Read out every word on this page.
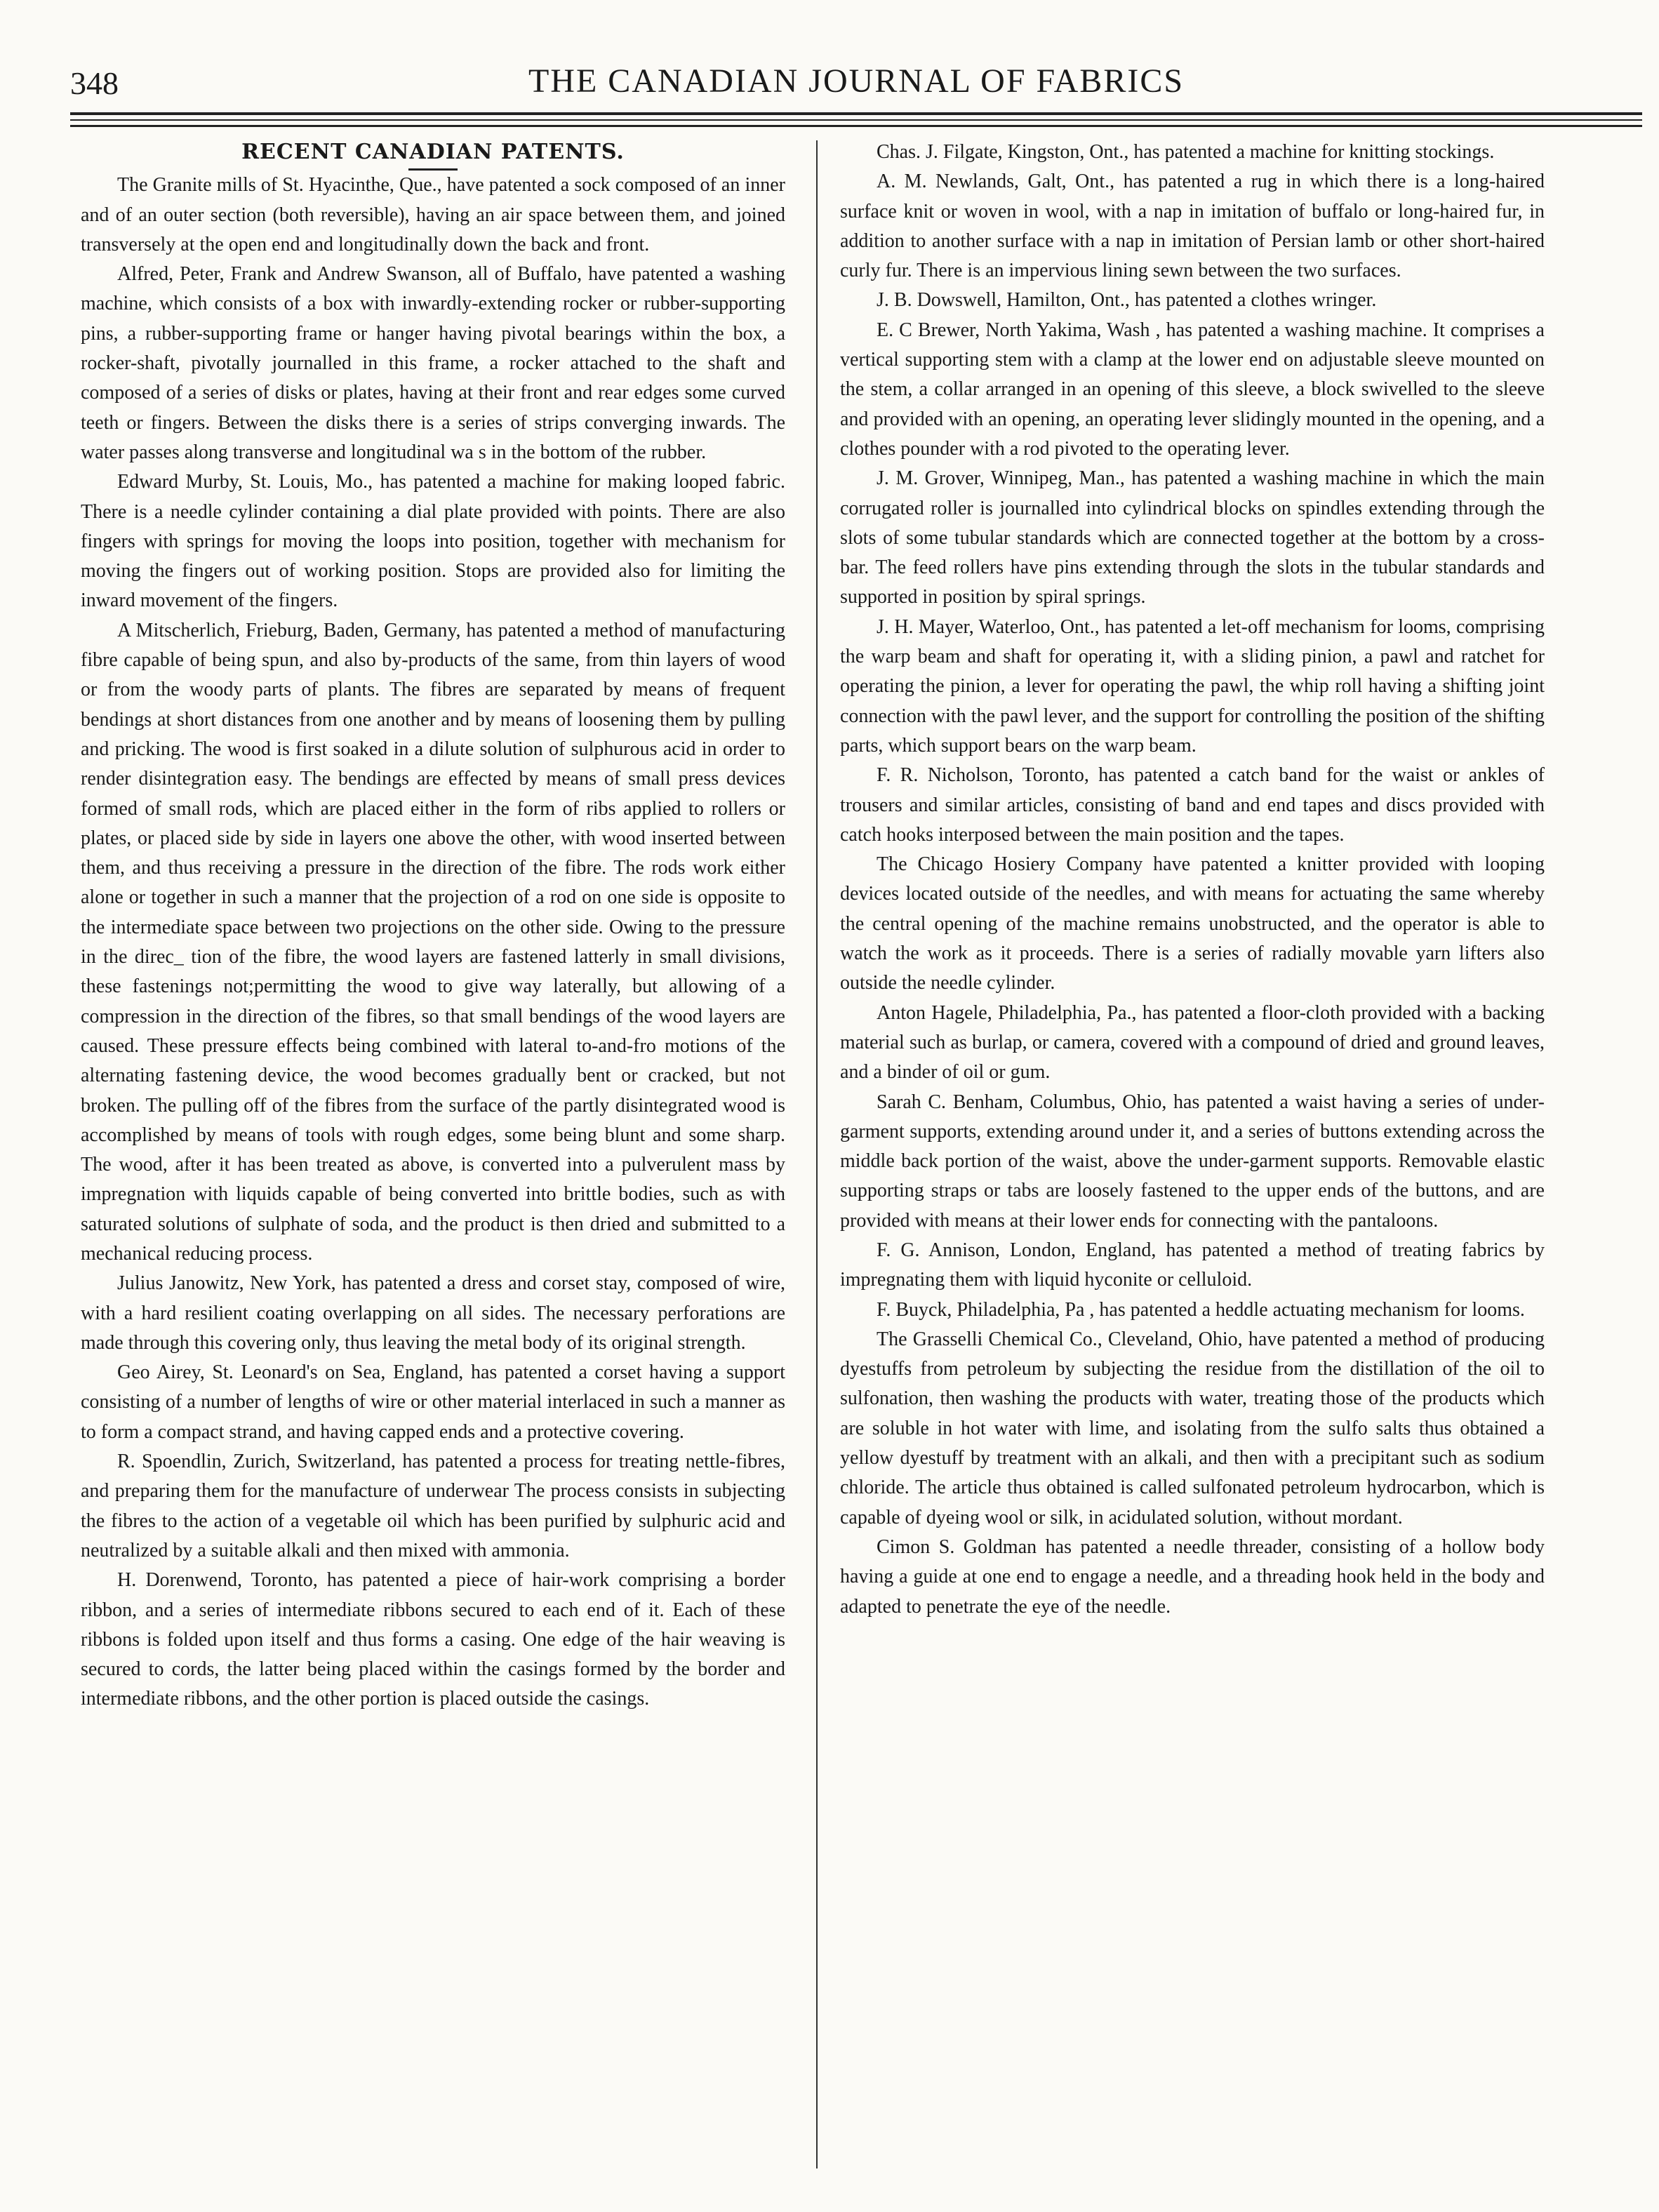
348	THE CANADIAN JOURNAL OF FABRICS
RECENT CANADIAN PATENTS.

The Granite mills of St. Hyacinthe, Que., have patented a sock composed of an inner and of an outer section (both reversible), having an air space between them, and joined transversely at the open end and longitudinally down the back and front.

Alfred, Peter, Frank and Andrew Swanson, all of Buffalo, have patented a washing machine, which consists of a box with inwardly-extending rocker or rubber-supporting pins, a rubber-supporting frame or hanger having pivotal bearings within the box, a rocker-shaft, pivotally journalled in this frame, a rocker attached to the shaft and composed of a series of disks or plates, having at their front and rear edges some curved teeth or fingers. Between the disks there is a series of strips converging inwards. The water passes along transverse and longitudinal wa s in the bottom of the rubber.

Edward Murby, St. Louis, Mo., has patented a machine for making looped fabric. There is a needle cylinder containing a dial plate provided with points. There are also fingers with springs for moving the loops into position, together with mechanism for moving the fingers out of working position. Stops are provided also for limiting the inward movement of the fingers.

A Mitscherlich, Frieburg, Baden, Germany, has patented a method of manufacturing fibre capable of being spun, and also by-products of the same, from thin layers of wood or from the woody parts of plants. The fibres are separated by means of frequent bendings at short distances from one another and by means of loosening them by pulling and pricking. The wood is first soaked in a dilute solution of sulphurous acid in order to render disintegration easy. The bendings are effected by means of small press devices formed of small rods, which are placed either in the form of ribs applied to rollers or plates, or placed side by side in layers one above the other, with wood inserted between them, and thus receiving a pressure in the direction of the fibre. The rods work either alone or together in such a manner that the projection of a rod on one side is opposite to the intermediate space between two projections on the other side. Owing to the pressure in the direc_ tion of the fibre, the wood layers are fastened latterly in small divisions, these fastenings not;permitting the wood to give way laterally, but allowing of a compression in the direction of the fibres, so that small bendings of the wood layers are caused. These pressure effects being combined with lateral to-and-fro motions of the alternating fastening device, the wood becomes gradually bent or cracked, but not broken. The pulling off of the fibres from the surface of the partly disintegrated wood is accomplished by means of tools with rough edges, some being blunt and some sharp. The wood, after it has been treated as above, is converted into a pulverulent mass by impregnation with liquids capable of being converted into brittle bodies, such as with saturated solutions of sulphate of soda, and the product is then dried and submitted to a mechanical reducing process.

Julius Janowitz, New York, has patented a dress and corset stay, composed of wire, with a hard resilient coating overlapping on all sides. The necessary perforations are made through this covering only, thus leaving the metal body of its original strength.

Geo Airey, St. Leonard's on Sea, England, has patented a corset having a support consisting of a number of lengths of wire or other material interlaced in such a manner as to form a compact strand, and having capped ends and a protective covering.

R. Spoendlin, Zurich, Switzerland, has patented a process for treating nettle-fibres, and preparing them for the manufacture of underwear The process consists in subjecting the fibres to the action of a vegetable oil which has been purified by sulphuric acid and neutralized by a suitable alkali and then mixed with ammonia.

H. Dorenwend, Toronto, has patented a piece of hair-work comprising a border ribbon, and a series of intermediate ribbons secured to each end of it. Each of these ribbons is folded upon itself and thus forms a casing. One edge of the hair weaving is secured to cords, the latter being placed within the casings formed by the border and intermediate ribbons, and the other portion is placed outside the casings.

Chas. J. Filgate, Kingston, Ont., has patented a machine for knitting stockings.

A. M. Newlands, Galt, Ont., has patented a rug in which there is a long-haired surface knit or woven in wool, with a nap in imitation of buffalo or long-haired fur, in addition to another surface with a nap in imitation of Persian lamb or other short-haired curly fur. There is an impervious lining sewn between the two surfaces.

J. B. Dowswell, Hamilton, Ont., has patented a clothes wringer.

E. C Brewer, North Yakima, Wash , has patented a washing machine. It comprises a vertical supporting stem with a clamp at the lower end on adjustable sleeve mounted on the stem, a collar arranged in an opening of this sleeve, a block swivelled to the sleeve and provided with an opening, an operating lever slidingly mounted in the opening, and a clothes pounder with a rod pivoted to the operating lever.

J. M. Grover, Winnipeg, Man., has patented a washing machine in which the main corrugated roller is journalled into cylindrical blocks on spindles extending through the slots of some tubular standards which are connected together at the bottom by a cross-bar. The feed rollers have pins extending through the slots in the tubular standards and supported in position by spiral springs.

J. H. Mayer, Waterloo, Ont., has patented a let-off mechanism for looms, comprising the warp beam and shaft for operating it, with a sliding pinion, a pawl and ratchet for operating the pinion, a lever for operating the pawl, the whip roll having a shifting joint connection with the pawl lever, and the support for controlling the position of the shifting parts, which support bears on the warp beam.

F. R. Nicholson, Toronto, has patented a catch band for the waist or ankles of trousers and similar articles, consisting of band and end tapes and discs provided with catch hooks interposed between the main position and the tapes.

The Chicago Hosiery Company have patented a knitter provided with looping devices located outside of the needles, and with means for actuating the same whereby the central opening of the machine remains unobstructed, and the operator is able to watch the work as it proceeds. There is a series of radially movable yarn lifters also outside the needle cylinder.

Anton Hagele, Philadelphia, Pa., has patented a floor-cloth provided with a backing material such as burlap, or camera, covered with a compound of dried and ground leaves, and a binder of oil or gum.

Sarah C. Benham, Columbus, Ohio, has patented a waist having a series of under-garment supports, extending around under it, and a series of buttons extending across the middle back portion of the waist, above the under-garment supports. Removable elastic supporting straps or tabs are loosely fastened to the upper ends of the buttons, and are provided with means at their lower ends for connecting with the pantaloons.

F. G. Annison, London, England, has patented a method of treating fabrics by impregnating them with liquid hyconite or celluloid.

F. Buyck, Philadelphia, Pa , has patented a heddle actuating mechanism for looms.

The Grasselli Chemical Co., Cleveland, Ohio, have patented a method of producing dyestuffs from petroleum by subjecting the residue from the distillation of the oil to sulfonation, then washing the products with water, treating those of the products which are soluble in hot water with lime, and isolating from the sulfo salts thus obtained a yellow dyestuff by treatment with an alkali, and then with a precipitant such as sodium chloride. The article thus obtained is called sulfonated petroleum hydrocarbon, which is capable of dyeing wool or silk, in acidulated solution, without mordant.

Cimon S. Goldman has patented a needle threader, consisting of a hollow body having a guide at one end to engage a needle, and a threading hook held in the body and adapted to penetrate the eye of the needle.
